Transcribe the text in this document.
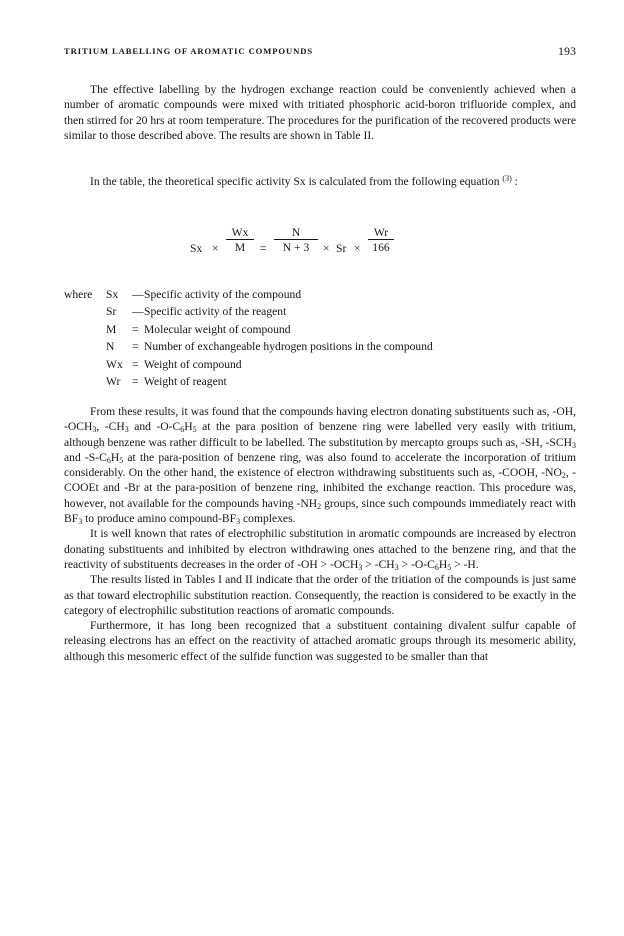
TRITIUM LABELLING OF AROMATIC COMPOUNDS	193

The effective labelling by the hydrogen exchange reaction could be conveniently achieved when a number of aromatic compounds were mixed with tritiated phosphoric acid-boron trifluoride complex, and then stirred for 20 hrs at room temperature. The procedures for the purification of the recovered products were similar to those described above. The results are shown in Table II.

In the table, the theoretical specific activity Sx is calculated from the following equation $^{(3)}$ :

$Sx \times \frac{Wx}{M} = \frac{N}{N + 3} \times Sr \times \frac{Wr}{166}$
where Sx — Specific activity of the compound
Sr — Specific activity of the reagent
M = Molecular weight of compound
N = Number of exchangeable hydrogen positions in the compound
Wx = Weight of compound
Wr = Weight of reagent

From these results, it was found that the compounds having electron donating substituents such as, -OH, $-OCH_3$, $-CH_3$ and $-O-C_6H_5$ at the para position of benzene ring were labelled very easily with tritium, although benzene was rather difficult to be labelled. The substitution by mercapto groups such as, -SH, $-SCH_3$ and $-S-C_6H_5$ at the para-position of benzene ring, was also found to accelerate the incorporation of tritium considerably. On the other hand, the existence of electron withdrawing substituents such as, -COOH, $-NO_2$, -COOEt and -Br at the para-position of benzene ring, inhibited the exchange reaction. This procedure was, however, not available for the compounds having $-NH_2$ groups, since such compounds immediately react with $BF_3$ to produce amino compound-$BF_3$ complexes.

It is well known that rates of electrophilic substitution in aromatic compounds are increased by electron donating substituents and inhibited by electron withdrawing ones attached to the benzene ring, and that the reactivity of substituents decreases in the order of $-OH > -OCH_3 > -CH_3 > -O-C_6H_5 > -H$.

The results listed in Tables I and II indicate that the order of the tritiation of the compounds is just same as that toward electrophilic substitution reaction. Consequently, the reaction is considered to be exactly in the category of electrophilic substitution reactions of aromatic compounds.

Furthermore, it has long been recognized that a substituent containing divalent sulfur capable of releasing electrons has an effect on the reactivity of attached aromatic groups through its mesomeric ability, although this mesomeric effect of the sulfide function was suggested to be smaller than that
